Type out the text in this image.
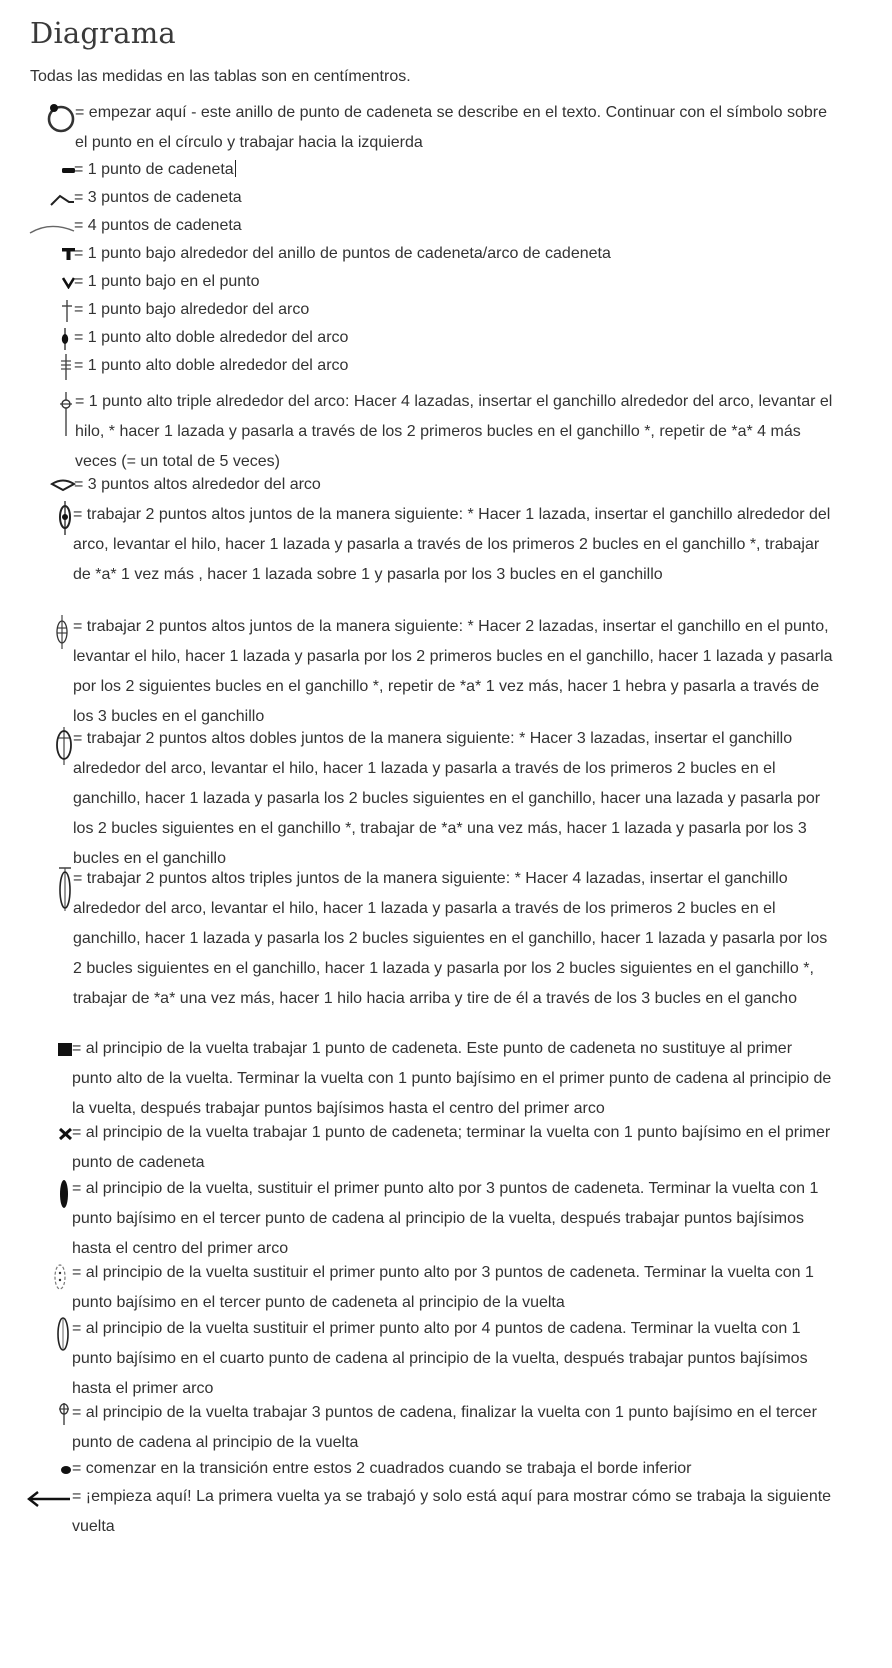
Diagrama
Todas las medidas en las tablas son en centímentros.
= empezar aquí - este anillo de punto de cadeneta se describe en el texto. Continuar con el símbolo sobre el punto en el círculo y trabajar hacia la izquierda
= 1 punto de cadeneta
= 3 puntos de cadeneta
= 4 puntos de cadeneta
= 1 punto bajo alrededor del anillo de puntos de cadeneta/arco de cadeneta
= 1 punto bajo en el punto
= 1 punto bajo alrededor del arco
= 1 punto alto doble alrededor del arco
= 1 punto alto doble alrededor del arco
= 1 punto alto triple alrededor del arco: Hacer 4 lazadas, insertar el ganchillo alrededor del arco, levantar el hilo, * hacer 1 lazada y pasarla a través de los 2 primeros bucles en el ganchillo *, repetir de *a* 4 más veces (= un total de 5 veces)
= 3 puntos altos alrededor del arco
= trabajar 2 puntos altos juntos de la manera siguiente: * Hacer 1 lazada, insertar el ganchillo alrededor del arco, levantar el hilo, hacer 1 lazada y pasarla a través de los primeros 2 bucles en el ganchillo *, trabajar de *a* 1 vez más , hacer 1 lazada sobre 1 y pasarla por los 3 bucles en el ganchillo
= trabajar 2 puntos altos juntos de la manera siguiente: * Hacer 2 lazadas, insertar el ganchillo en el punto, levantar el hilo, hacer 1 lazada y pasarla por los 2 primeros bucles en el ganchillo, hacer 1 lazada y pasarla por los 2 siguientes bucles en el ganchillo *, repetir de *a* 1 vez más, hacer 1 hebra y pasarla a través de los 3 bucles en el ganchillo
= trabajar 2 puntos altos dobles juntos de la manera siguiente: * Hacer 3 lazadas, insertar el ganchillo alrededor del arco, levantar el hilo, hacer 1 lazada y pasarla a través de los primeros 2 bucles en el ganchillo, hacer 1 lazada y pasarla los 2 bucles siguientes en el ganchillo, hacer una lazada y pasarla por los 2 bucles siguientes en el ganchillo *, trabajar de *a* una vez más, hacer 1 lazada y pasarla por los 3 bucles en el ganchillo
= trabajar 2 puntos altos triples juntos de la manera siguiente: * Hacer 4 lazadas, insertar el ganchillo alrededor del arco, levantar el hilo, hacer 1 lazada y pasarla a través de los primeros 2 bucles en el ganchillo, hacer 1 lazada y pasarla los 2 bucles siguientes en el ganchillo, hacer 1 lazada y pasarla por los 2 bucles siguientes en el ganchillo, hacer 1 lazada y pasarla por los 2 bucles siguientes en el ganchillo *, trabajar de *a* una vez más, hacer 1 hilo hacia arriba y tire de él a través de los 3 bucles en el gancho
= al principio de la vuelta trabajar 1 punto de cadeneta. Este punto de cadeneta no sustituye al primer punto alto de la vuelta. Terminar la vuelta con 1 punto bajísimo en el primer punto de cadena al principio de la vuelta, después trabajar puntos bajísimos hasta el centro del primer arco
= al principio de la vuelta trabajar 1 punto de cadeneta; terminar la vuelta con 1 punto bajísimo en el primer punto de cadeneta
= al principio de la vuelta, sustituir el primer punto alto por 3 puntos de cadeneta. Terminar la vuelta con 1 punto bajísimo en el tercer punto de cadena al principio de la vuelta, después trabajar puntos bajísimos hasta el centro del primer arco
= al principio de la vuelta sustituir el primer punto alto por 3 puntos de cadeneta. Terminar la vuelta con 1 punto bajísimo en el tercer punto de cadeneta al principio de la vuelta
= al principio de la vuelta sustituir el primer punto alto por 4 puntos de cadena. Terminar la vuelta con 1 punto bajísimo en el cuarto punto de cadena al principio de la vuelta, después trabajar puntos bajísimos hasta el primer arco
= al principio de la vuelta trabajar 3 puntos de cadena, finalizar la vuelta con 1 punto bajísimo en el tercer punto de cadena al principio de la vuelta
= comenzar en la transición entre estos 2 cuadrados cuando se trabaja el borde inferior
= ¡empieza aquí! La primera vuelta ya se trabajó y solo está aquí para mostrar cómo se trabaja la siguiente vuelta
